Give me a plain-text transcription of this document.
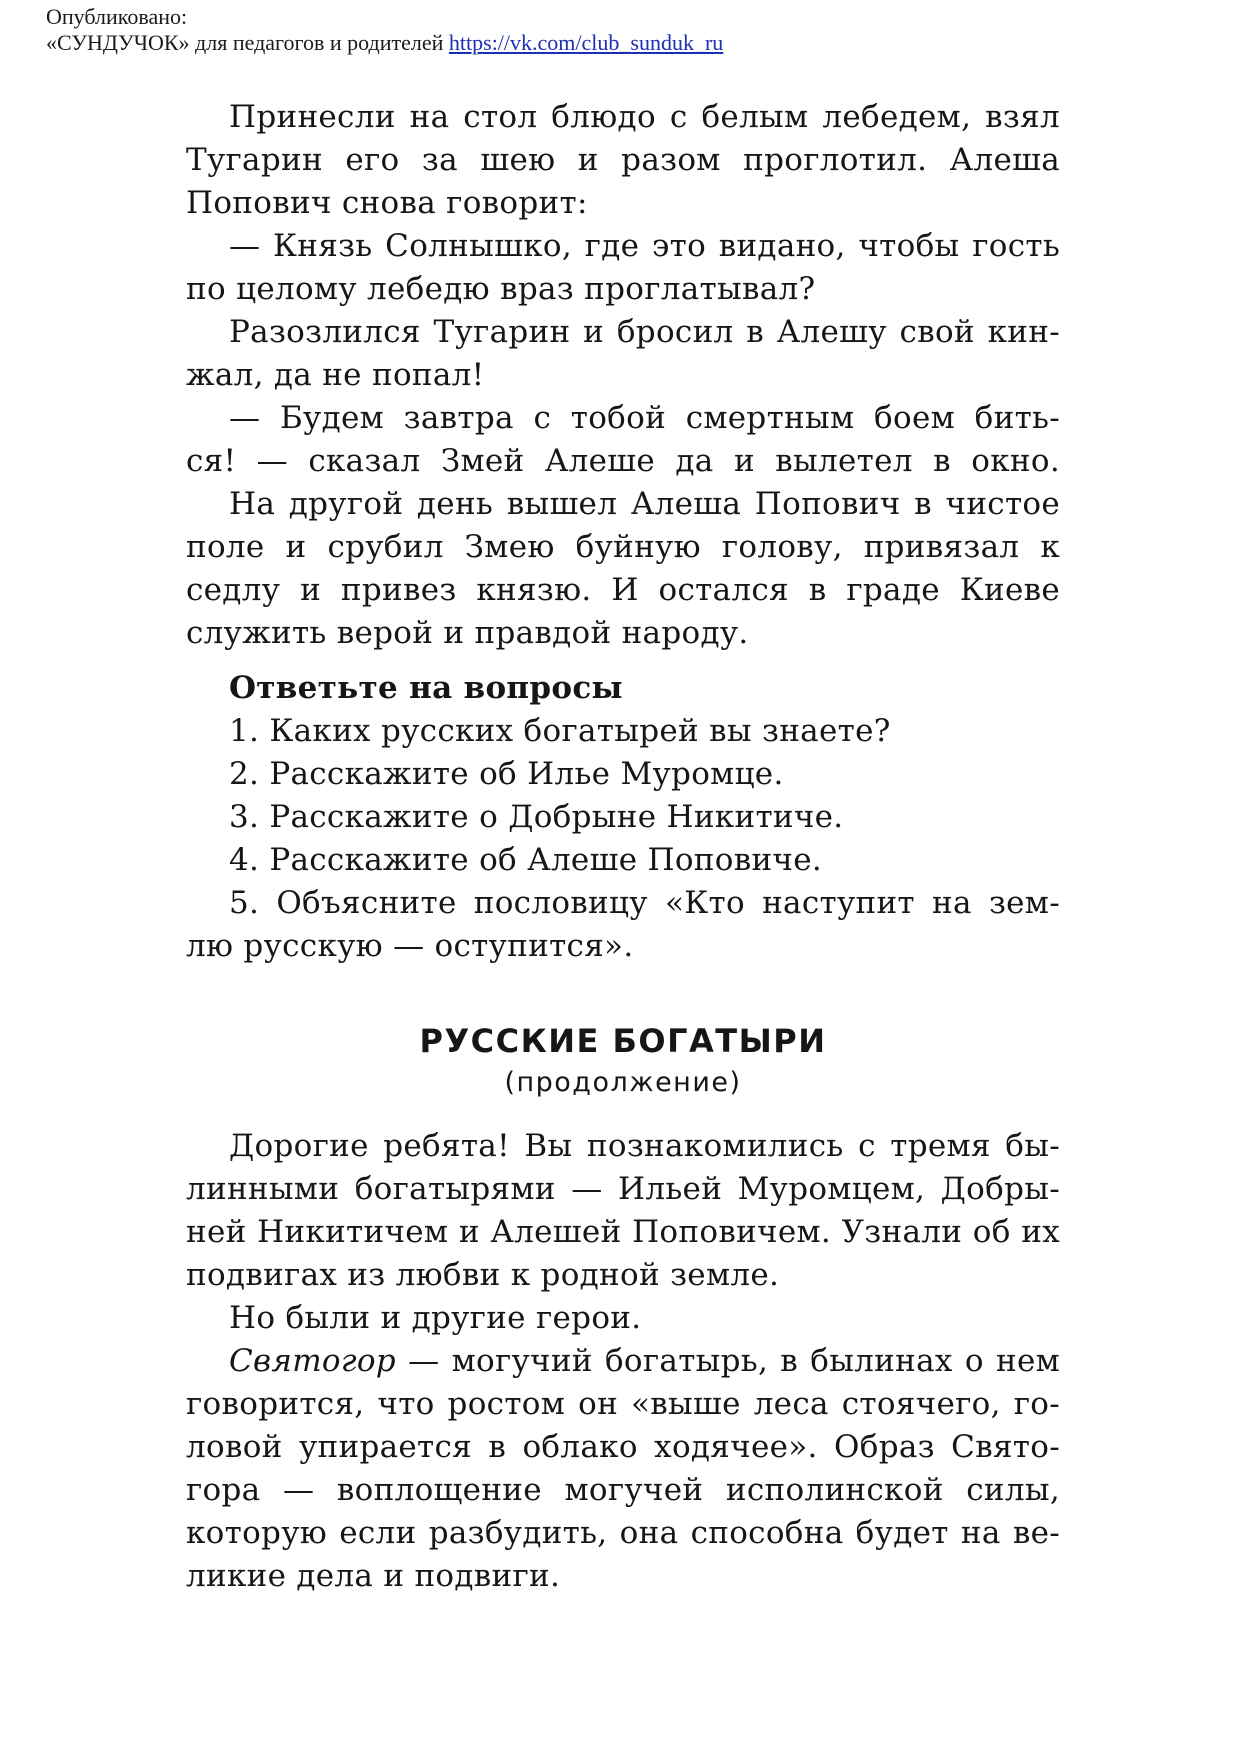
Опубликовано:
«СУНДУЧОК» для педагогов и родителей https://vk.com/club_sunduk_ru
Принесли на стол блюдо с белым лебедем, взял
Тугарин его за шею и разом проглотил. Алеша
Попович снова говорит:
— Князь Солнышко, где это видано, чтобы гость
по целому лебедю враз проглатывал?
Разозлился Тугарин и бросил в Алешу свой кин-
жал, да не попал!
— Будем завтра с тобой смертным боем бить-
ся! — сказал Змей Алеше да и вылетел в окно.
На другой день вышел Алеша Попович в чистое
поле и срубил Змею буйную голову, привязал к
седлу и привез князю. И остался в граде Киеве
служить верой и правдой народу.
Ответьте на вопросы
1. Каких русских богатырей вы знаете?
2. Расскажите об Илье Муромце.
3. Расскажите о Добрыне Никитиче.
4. Расскажите об Алеше Поповиче.
5. Объясните пословицу «Кто наступит на зем-
лю русскую — оступится».
РУССКИЕ БОГАТЫРИ
(продолжение)
Дорогие ребята! Вы познакомились с тремя бы-
линными богатырями — Ильей Муромцем, Добры-
ней Никитичем и Алешей Поповичем. Узнали об их
подвигах из любви к родной земле.
Но были и другие герои.
Святогор — могучий богатырь, в былинах о нем
говорится, что ростом он «выше леса стоячего, го-
ловой упирается в облако ходячее». Образ Свято-
гора — воплощение могучей исполинской силы,
которую если разбудить, она способна будет на ве-
ликие дела и подвиги.
